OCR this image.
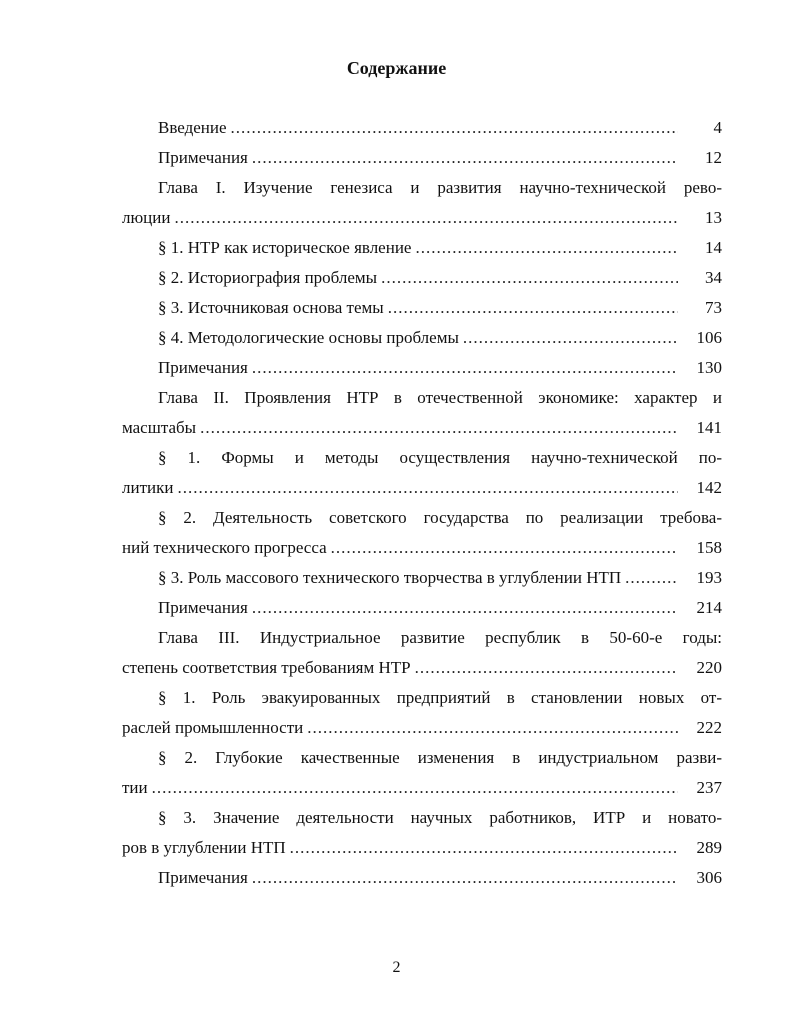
Содержание
Введение .....	4
Примечания .....	12
Глава I. Изучение генезиса и развития научно-технической рево-
люции .....	13
§ 1. НТР как историческое явление .....	14
§ 2. Историография проблемы .....	34
§ 3. Источниковая основа темы .....	73
§ 4. Методологические основы проблемы .....	106
Примечания .....	130
Глава II. Проявления НТР в отечественной экономике: характер и
масштабы .....	141
§ 1. Формы и методы осуществления научно-технической по-
литики .....	142
§ 2. Деятельность советского государства по реализации требова-
ний технического прогресса .....	158
§ 3. Роль массового технического творчества в углублении НТП .....	193
Примечания .....	214
Глава III. Индустриальное развитие республик в 50-60-е годы:
степень соответствия требованиям НТР .....	220
§ 1. Роль эвакуированных предприятий в становлении новых от-
раслей промышленности .....	222
§ 2. Глубокие качественные изменения в индустриальном разви-
тии .....	237
§ 3. Значение деятельности научных работников, ИТР и новато-
ров в углублении НТП .....	289
Примечания .....	306
2
